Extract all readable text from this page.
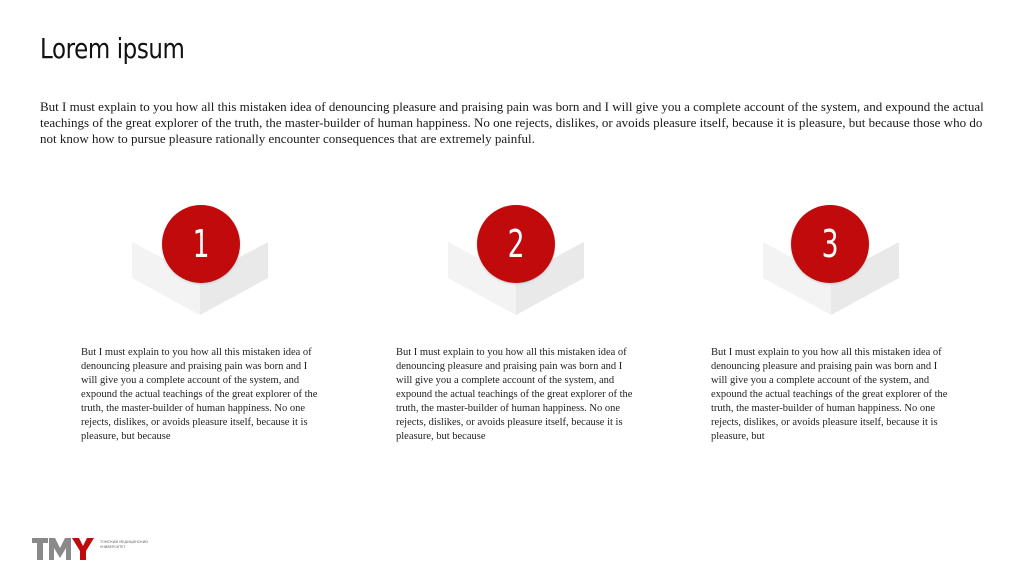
Lorem ipsum
But I must explain to you how all this mistaken idea of denouncing pleasure and praising pain was born and I will give you a complete account of the system, and expound the actual teachings of the great explorer of the truth, the master-builder of human happiness. No one rejects, dislikes, or avoids pleasure itself, because it is pleasure, but because those who do not know how to pursue pleasure rationally encounter consequences that are extremely painful.
1
But I must explain to you how all this mistaken idea of denouncing pleasure and praising pain was born and I will give you a complete account of the system, and expound the actual teachings of the great explorer of the truth, the master-builder of human happiness. No one rejects, dislikes, or avoids pleasure itself, because it is pleasure, but because
2
But I must explain to you how all this mistaken idea of denouncing pleasure and praising pain was born and I will give you a complete account of the system, and expound the actual teachings of the great explorer of the truth, the master-builder of human happiness. No one rejects, dislikes, or avoids pleasure itself, because it is pleasure, but because
3
But I must explain to you how all this mistaken idea of denouncing pleasure and praising pain was born and I will give you a complete account of the system, and expound the actual teachings of the great explorer of the truth, the master-builder of human happiness. No one rejects, dislikes, or avoids pleasure itself, because it is pleasure, but
ТОМСКИЙ МЕДИЦИНСКИЙ УНИВЕРСИТЕТ
